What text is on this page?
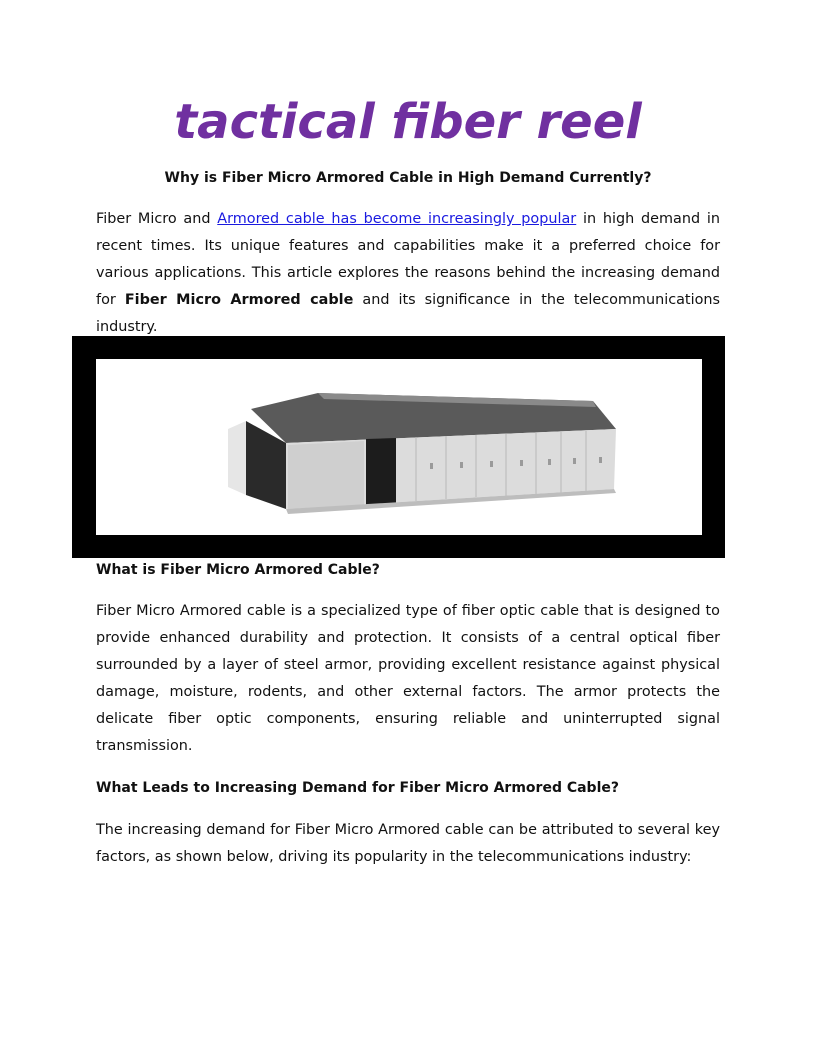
tactical fiber reel

Why is Fiber Micro Armored Cable in High Demand Currently?

Fiber Micro and Armored cable has become increasingly popular in high demand in recent times. Its unique features and capabilities make it a preferred choice for various applications. This article explores the reasons behind the increasing demand for Fiber Micro Armored cable and its significance in the telecommunications industry.

What is Fiber Micro Armored Cable?

Fiber Micro Armored cable is a specialized type of fiber optic cable that is designed to provide enhanced durability and protection. It consists of a central optical fiber surrounded by a layer of steel armor, providing excellent resistance against physical damage, moisture, rodents, and other external factors. The armor protects the delicate fiber optic components, ensuring reliable and uninterrupted signal transmission.

What Leads to Increasing Demand for Fiber Micro Armored Cable?

The increasing demand for Fiber Micro Armored cable can be attributed to several key factors, as shown below, driving its popularity in the telecommunications industry:
